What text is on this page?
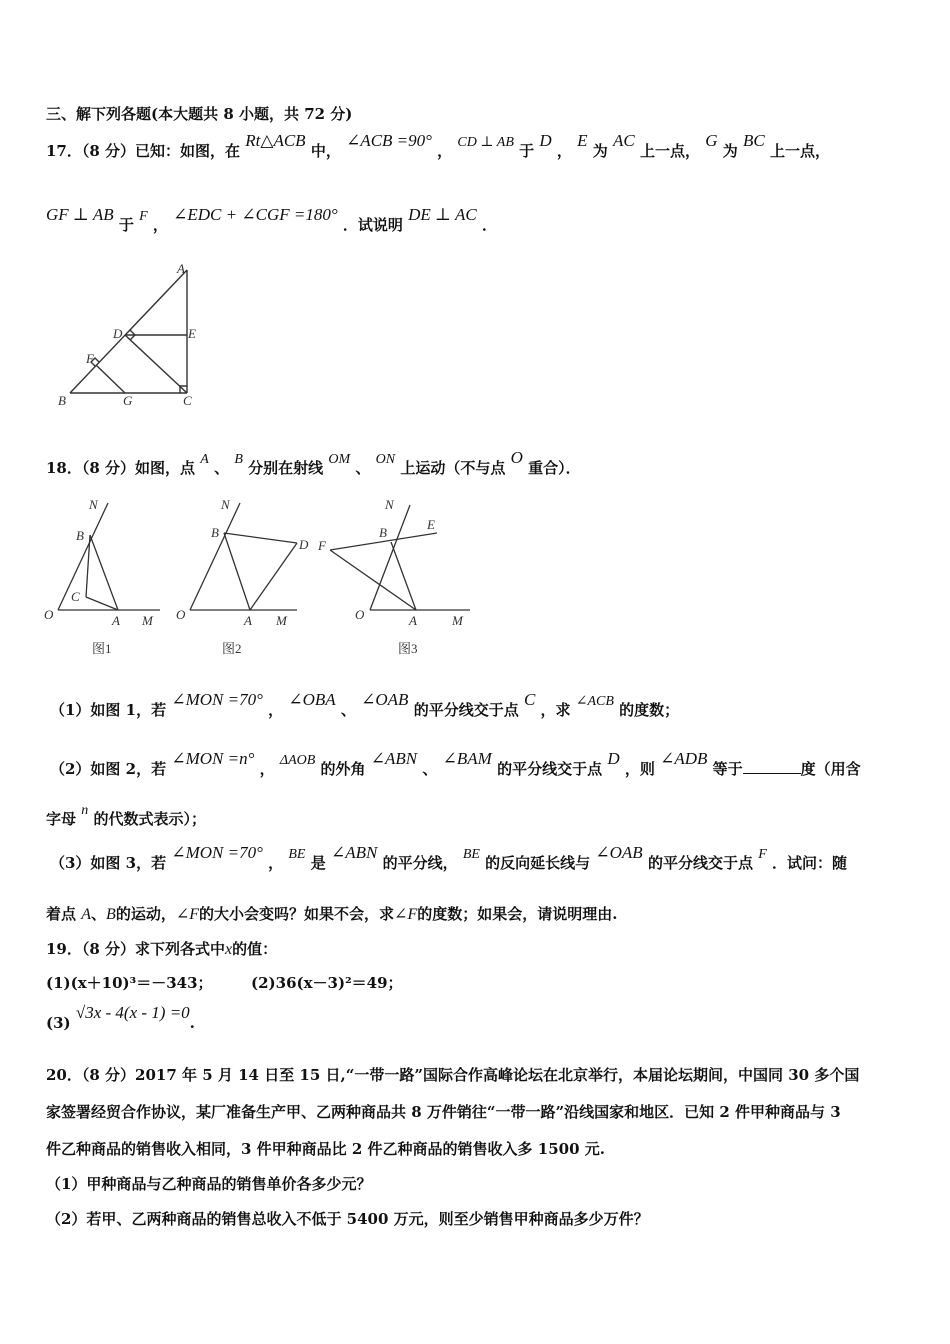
三、解下列各题(本大题共 8 小题，共 72 分)
17．（8 分）已知：如图，在 Rt△ACB 中， ∠ACB =90° ， CD ⊥ AB 于 D ， E 为 AC 上一点， G 为 BC 上一点，
GF ⊥ AB 于 F ， ∠EDC + ∠CGF =180° ．试说明 DE ⊥ AC ．
A
D	E
F
B	G	C
18．（8 分）如图，点 A 、 B 分别在射线 OM 、 ON 上运动（不与点 O 重合）．
N
B
C
O	A M
图1
N
B
D
O	A M
图2
N
E
F
B
O	A	M
图3
（1）如图 1，若 ∠MON =70° ， ∠OBA 、 ∠OAB 的平分线交于点 C ，求 ∠ACB 的度数；
（2）如图 2，若 ∠MON =n° ， ΔAOB 的外角 ∠ABN 、 ∠BAM 的平分线交于点 D ，则 ∠ADB 等于	度（用含
字母 n 的代数式表示）；
（3）如图 3，若 ∠MON =70° ， BE 是 ∠ABN 的平分线， BE 的反向延长线与 ∠OAB 的平分线交于点 F ．试问：随
着点 A、B的运动，∠F的大小会变吗？如果不会，求∠F的度数；如果会，请说明理由.
19．（8 分）求下列各式中x的值：
(1)(x＋10)³＝－343；	(2)36(x－3)²＝49；
(3) √3x - 4(x - 1) =0.
20．（8 分）2017 年 5 月 14 日至 15 日,“一带一路”国际合作高峰论坛在北京举行，本届论坛期间，中国同 30 多个国
家签署经贸合作协议，某厂准备生产甲、乙两种商品共 8 万件销往“一带一路”沿线国家和地区．已知 2 件甲种商品与 3
件乙种商品的销售收入相同，3 件甲种商品比 2 件乙种商品的销售收入多 1500 元.
（1）甲种商品与乙种商品的销售单价各多少元？
（2）若甲、乙两种商品的销售总收入不低于 5400 万元，则至少销售甲种商品多少万件？
